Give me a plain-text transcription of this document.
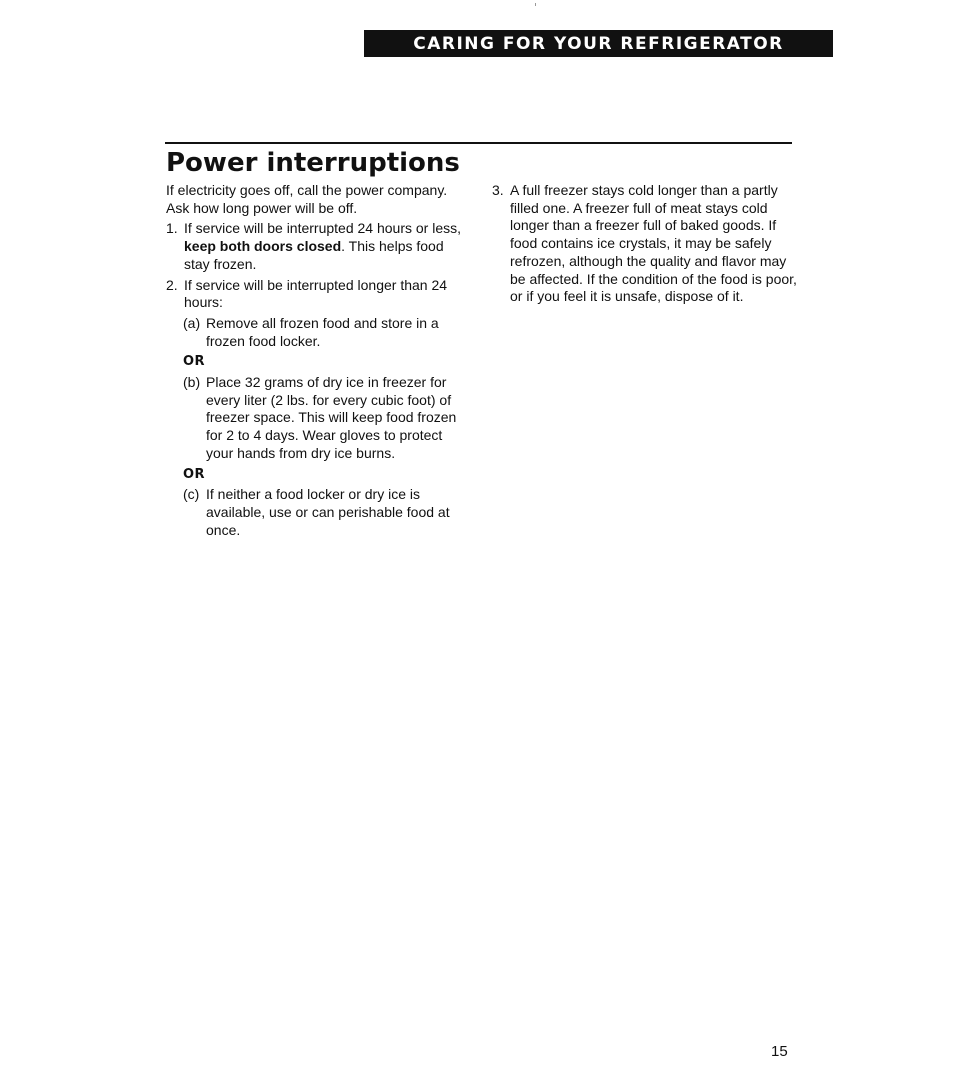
CARING FOR YOUR REFRIGERATOR
Power interruptions

If electricity goes off, call the power company. Ask how long power will be off.

1. If service will be interrupted 24 hours or less, keep both doors closed. This helps food stay frozen.

2. If service will be interrupted longer than 24 hours:

(a) Remove all frozen food and store in a frozen food locker.

OR

(b) Place 32 grams of dry ice in freezer for every liter (2 lbs. for every cubic foot) of freezer space. This will keep food frozen for 2 to 4 days. Wear gloves to protect your hands from dry ice burns.

OR

(c) If neither a food locker or dry ice is available, use or can perishable food at once.

3. A full freezer stays cold longer than a partly filled one. A freezer full of meat stays cold longer than a freezer full of baked goods. If food contains ice crystals, it may be safely refrozen, although the quality and flavor may be affected. If the condition of the food is poor, or if you feel it is unsafe, dispose of it.

15
